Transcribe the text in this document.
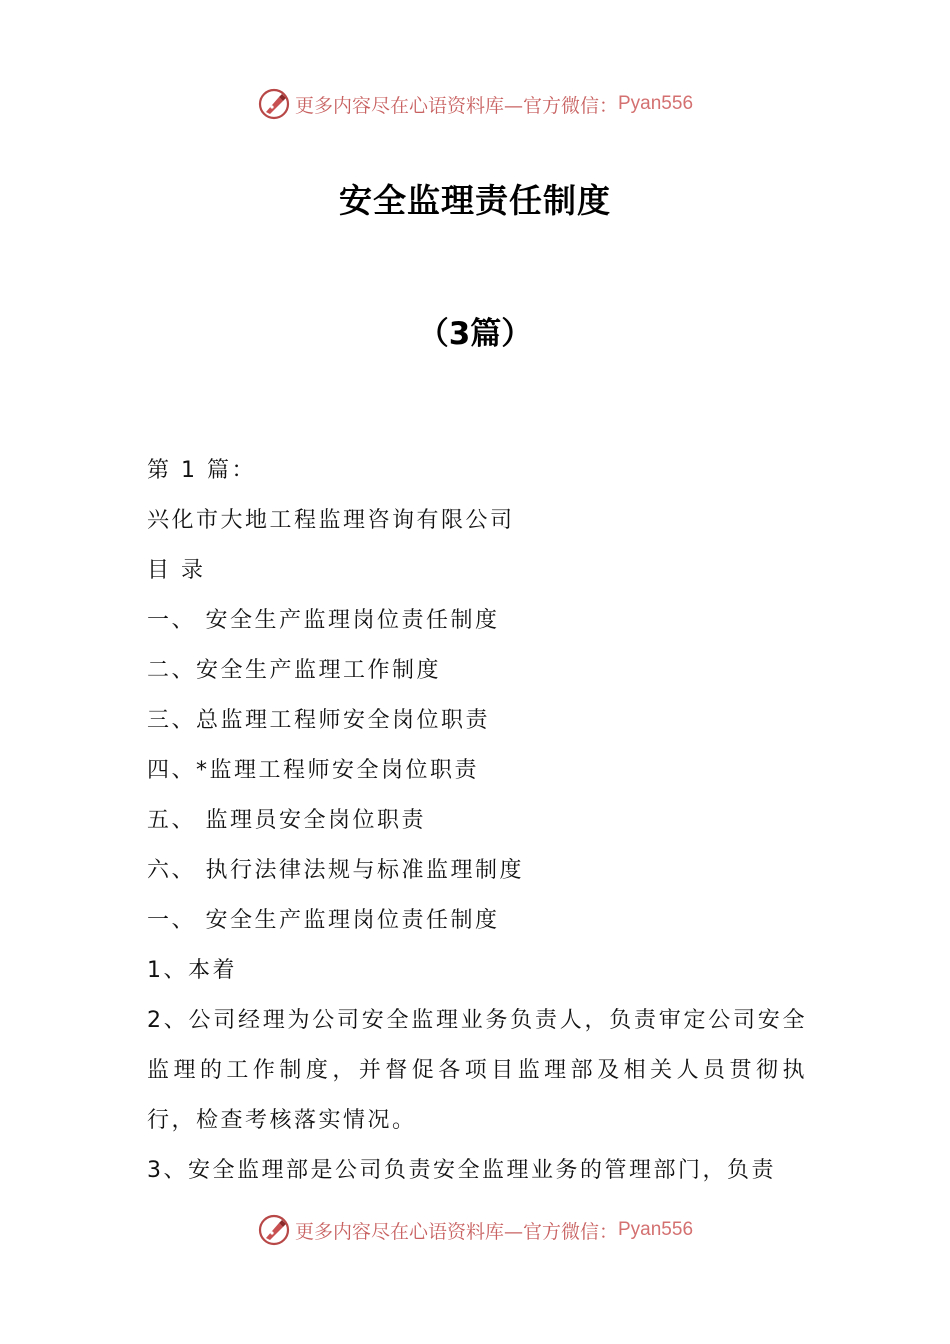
更多内容尽在心语资料库—官方微信： Pyan556
安全监理责任制度
（3篇）
第 1 篇：
兴化市大地工程监理咨询有限公司
目 录
一、 安全生产监理岗位责任制度
二、安全生产监理工作制度
三、总监理工程师安全岗位职责
四、*监理工程师安全岗位职责
五、 监理员安全岗位职责
六、 执行法律法规与标准监理制度
一、 安全生产监理岗位责任制度
1、本着
2、公司经理为公司安全监理业务负责人，负责审定公司安全监理的工作制度，并督促各项目监理部及相关人员贯彻执行，检查考核落实情况。
3、安全监理部是公司负责安全监理业务的管理部门，负责
更多内容尽在心语资料库—官方微信： Pyan556
